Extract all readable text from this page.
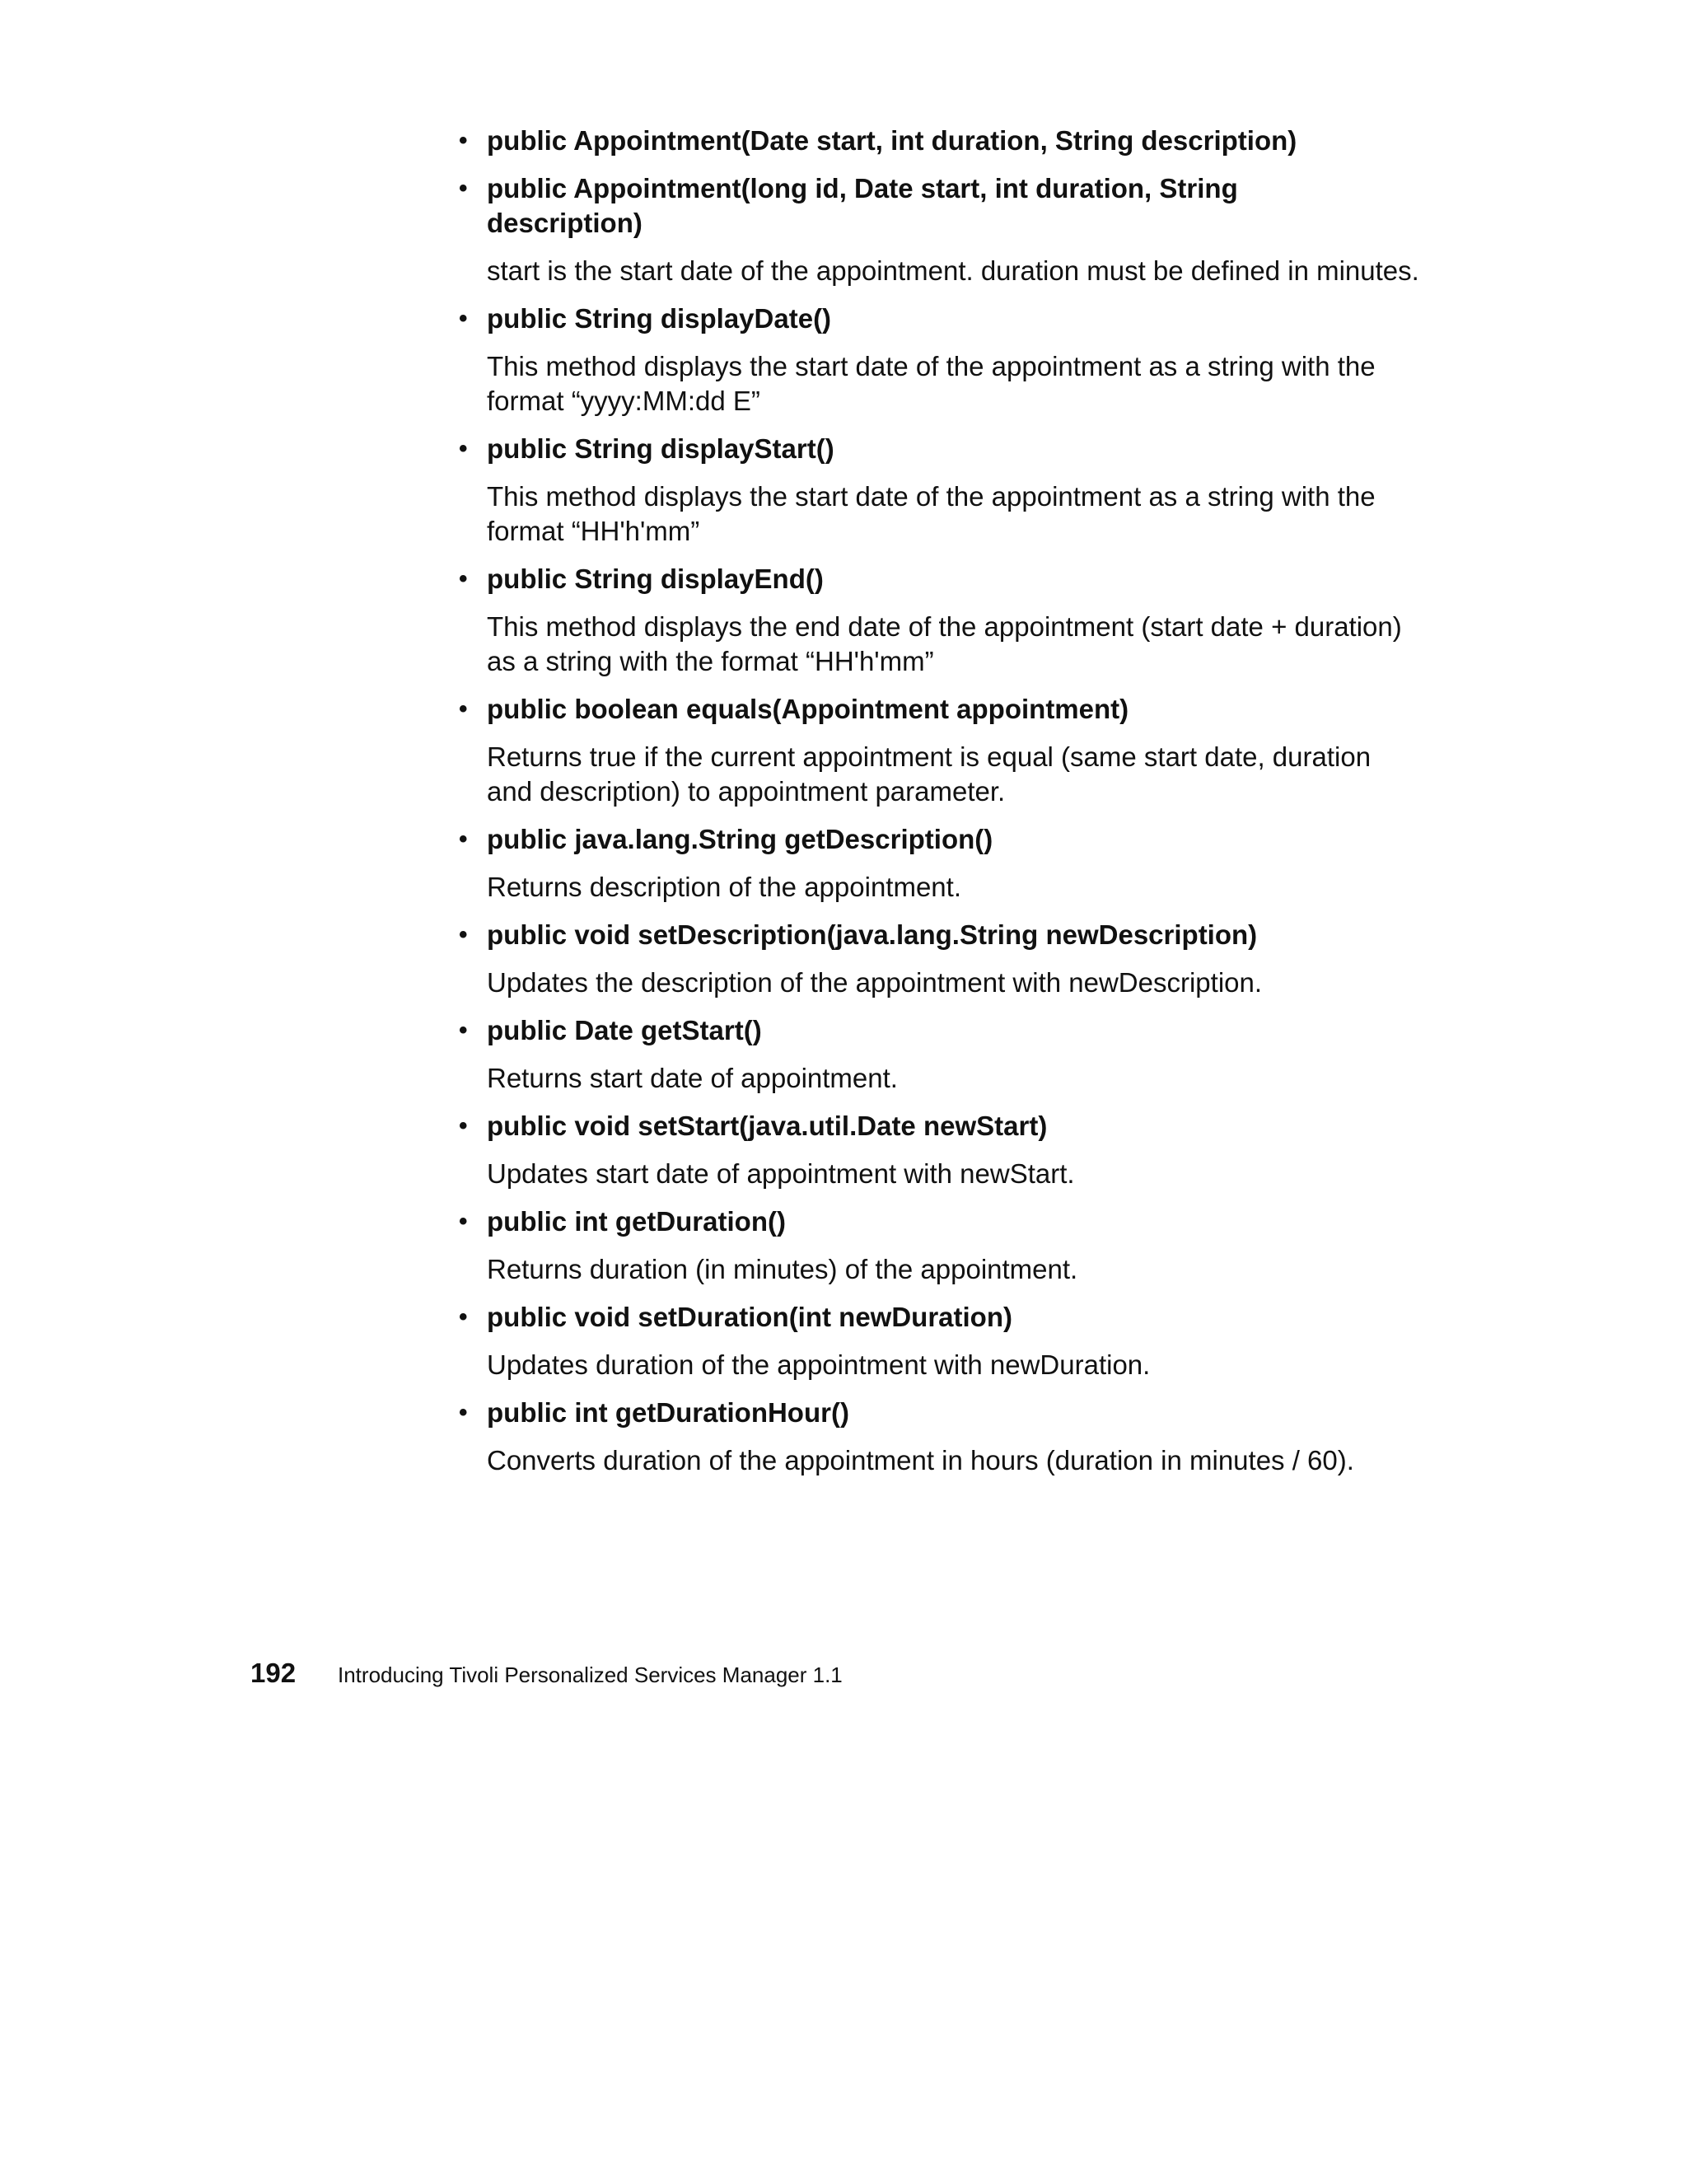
• public Appointment(Date start, int duration, String description)
• public Appointment(long id, Date start, int duration, String description)
start is the start date of the appointment. duration must be defined in minutes.
• public String displayDate()
This method displays the start date of the appointment as a string with the format “yyyy:MM:dd E”
• public String displayStart()
This method displays the start date of the appointment as a string with the format “HH'h'mm”
• public String displayEnd()
This method displays the end date of the appointment (start date + duration) as a string with the format “HH'h'mm”
• public boolean equals(Appointment appointment)
Returns true if the current appointment is equal (same start date, duration and description) to appointment parameter.
• public java.lang.String getDescription()
Returns description of the appointment.
• public void setDescription(java.lang.String newDescription)
Updates the description of the appointment with newDescription.
• public Date getStart()
Returns start date of appointment.
• public void setStart(java.util.Date newStart)
Updates start date of appointment with newStart.
• public int getDuration()
Returns duration (in minutes) of the appointment.
• public void setDuration(int newDuration)
Updates duration of the appointment with newDuration.
• public int getDurationHour()
Converts duration of the appointment in hours (duration in minutes / 60).
192	Introducing Tivoli Personalized Services Manager 1.1
